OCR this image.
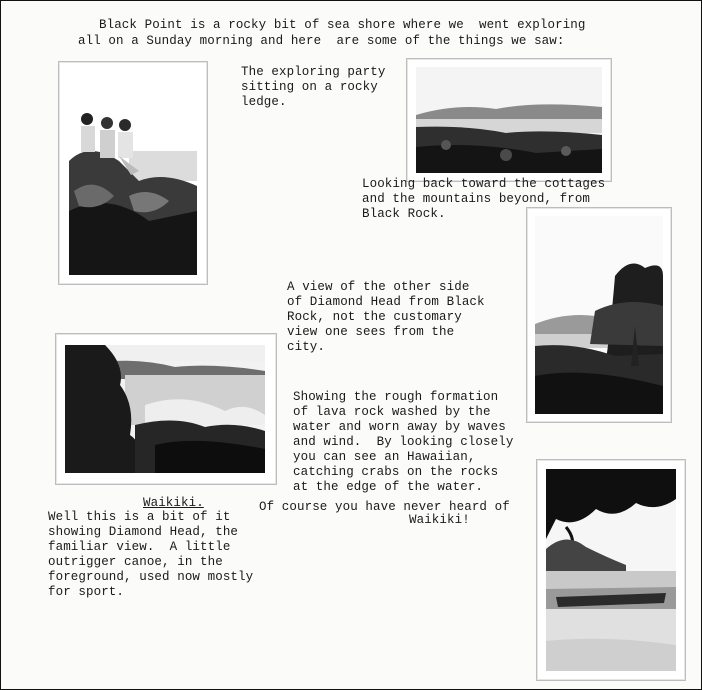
Black Point is a rocky bit of sea shore where we  went exploring
all on a Sunday morning and here  are some of the things we saw:
The exploring party
sitting on a rocky
ledge.
Looking back toward the cottages
and the mountains beyond, from
Black Rock.
A view of the other side
of Diamond Head from Black
Rock, not the customary
view one sees from the
city.
Showing the rough formation
of lava rock washed by the
water and worn away by waves
and wind.  By looking closely
you can see an Hawaiian,
catching crabs on the rocks
at the edge of the water.
Waikiki.
Well this is a bit of it
showing Diamond Head, the
familiar view.  A little
outrigger canoe, in the
foreground, used now mostly
for sport.
Of course you have never heard of
Waikiki!
